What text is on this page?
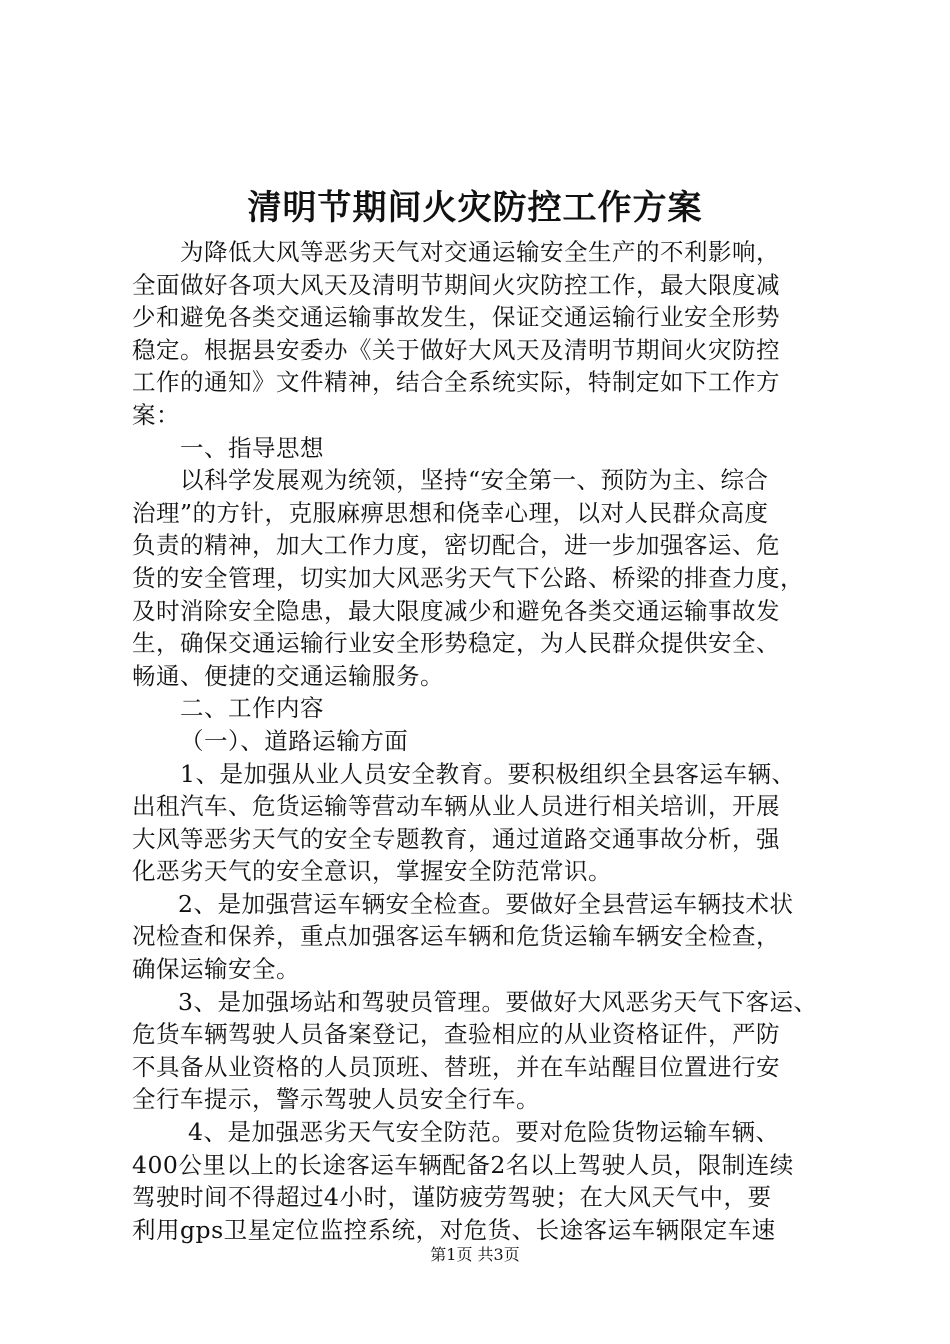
清明节期间火灾防控工作方案
为降低大风等恶劣天气对交通运输安全生产的不利影响，
全面做好各项大风天及清明节期间火灾防控工作，最大限度减
少和避免各类交通运输事故发生，保证交通运输行业安全形势
稳定。根据县安委办《关于做好大风天及清明节期间火灾防控
工作的通知》文件精神，结合全系统实际，特制定如下工作方
案：
一、指导思想
以科学发展观为统领，坚持“安全第一、预防为主、综合
治理”的方针，克服麻痹思想和侥幸心理，以对人民群众高度
负责的精神，加大工作力度，密切配合，进一步加强客运、危
货的安全管理，切实加大风恶劣天气下公路、桥梁的排查力度，
及时消除安全隐患，最大限度减少和避免各类交通运输事故发
生，确保交通运输行业安全形势稳定，为人民群众提供安全、
畅通、便捷的交通运输服务。
二、工作内容
（一）、道路运输方面
1、是加强从业人员安全教育。要积极组织全县客运车辆、
出租汽车、危货运输等营动车辆从业人员进行相关培训，开展
大风等恶劣天气的安全专题教育，通过道路交通事故分析，强
化恶劣天气的安全意识，掌握安全防范常识。
2、是加强营运车辆安全检查。要做好全县营运车辆技术状
况检查和保养，重点加强客运车辆和危货运输车辆安全检查，
确保运输安全。
3、是加强场站和驾驶员管理。要做好大风恶劣天气下客运、
危货车辆驾驶人员备案登记，查验相应的从业资格证件，严防
不具备从业资格的人员顶班、替班，并在车站醒目位置进行安
全行车提示，警示驾驶人员安全行车。
4、是加强恶劣天气安全防范。要对危险货物运输车辆、
400公里以上的长途客运车辆配备2名以上驾驶人员，限制连续
驾驶时间不得超过4小时，谨防疲劳驾驶；在大风天气中，要
利用gps卫星定位监控系统，对危货、长途客运车辆限定车速
第1页 共3页
